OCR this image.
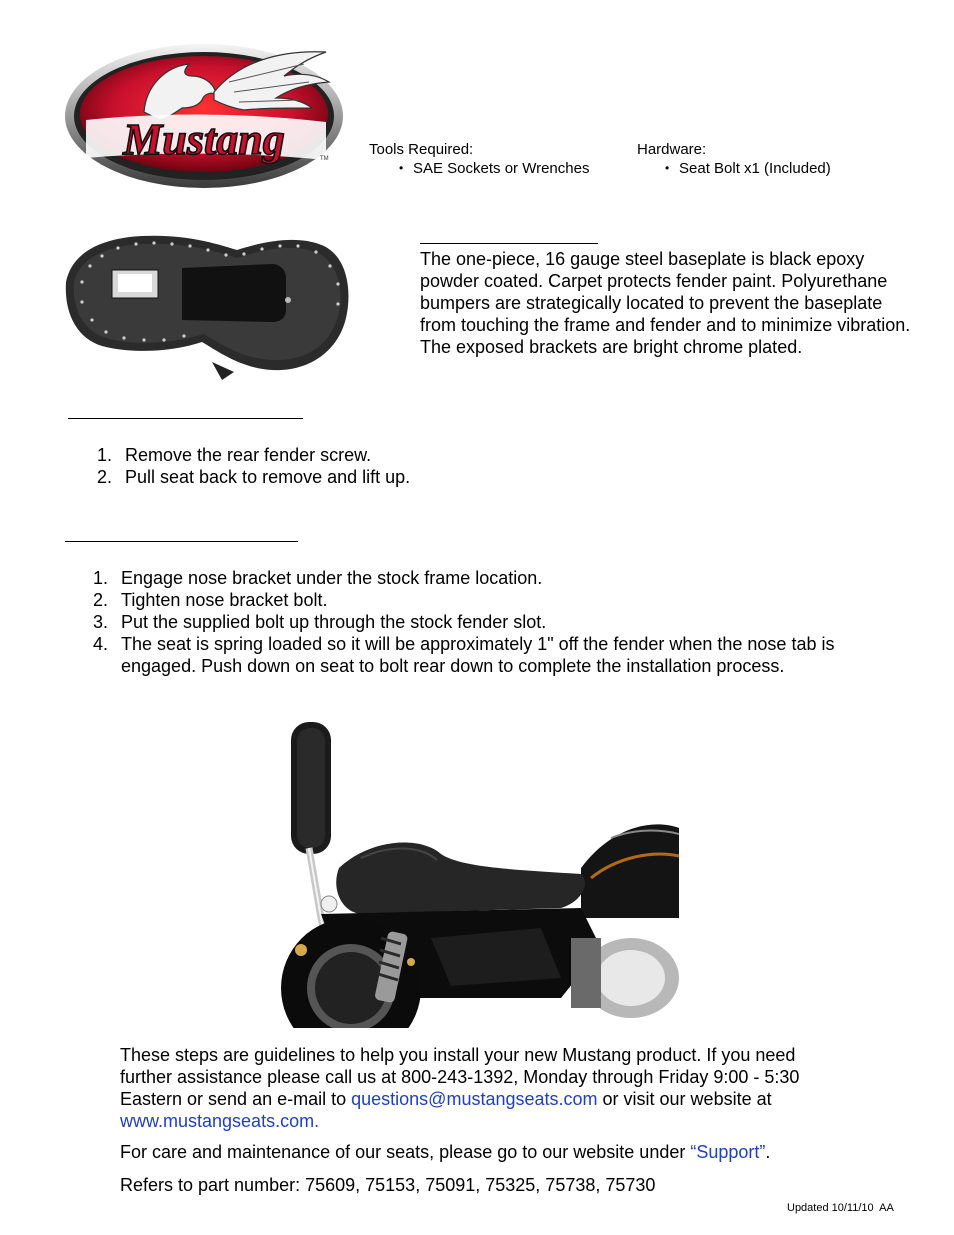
Mustang	TM
Tools Required:
• SAE Sockets or Wrenches
Hardware:
• Seat Bolt x1 (Included)

The one-piece, 16 gauge steel baseplate is black epoxy powder coated. Carpet protects fender paint. Polyurethane bumpers are strategically located to prevent the baseplate from touching the frame and fender and to minimize vibration. The exposed brackets are bright chrome plated.

1. Remove the rear fender screw.
2. Pull seat back to remove and lift up.
1. Engage nose bracket under the stock frame location.
2. Tighten nose bracket bolt.
3. Put the supplied bolt up through the stock fender slot.
4. The seat is spring loaded so it will be approximately 1" off the fender when the nose tab is engaged. Push down on seat to bolt rear down to complete the installation process.

These steps are guidelines to help you install your new Mustang product. If you need further assistance please call us at 800-243-1392, Monday through Friday 9:00 - 5:30 Eastern or send an e-mail to questions@mustangseats.com or visit our website at www.mustangseats.com.

For care and maintenance of our seats, please go to our website under “Support”.

Refers to part number: 75609, 75153, 75091, 75325, 75738, 75730

Updated 10/11/10  AA
